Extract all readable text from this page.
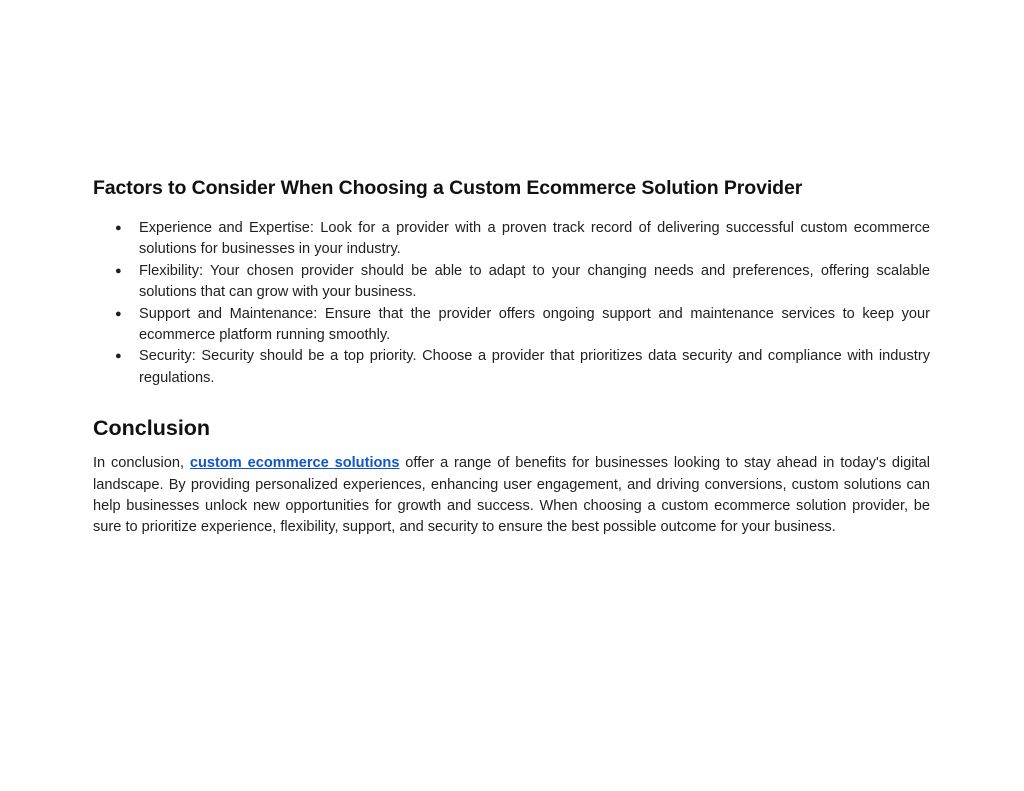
Factors to Consider When Choosing a Custom Ecommerce Solution Provider
● Experience and Expertise: Look for a provider with a proven track record of delivering successful custom ecommerce solutions for businesses in your industry.
● Flexibility: Your chosen provider should be able to adapt to your changing needs and preferences, offering scalable solutions that can grow with your business.
● Support and Maintenance: Ensure that the provider offers ongoing support and maintenance services to keep your ecommerce platform running smoothly.
● Security: Security should be a top priority. Choose a provider that prioritizes data security and compliance with industry regulations.
Conclusion

In conclusion, custom ecommerce solutions offer a range of benefits for businesses looking to stay ahead in today's digital landscape. By providing personalized experiences, enhancing user engagement, and driving conversions, custom solutions can help businesses unlock new opportunities for growth and success. When choosing a custom ecommerce solution provider, be sure to prioritize experience, flexibility, support, and security to ensure the best possible outcome for your business.
